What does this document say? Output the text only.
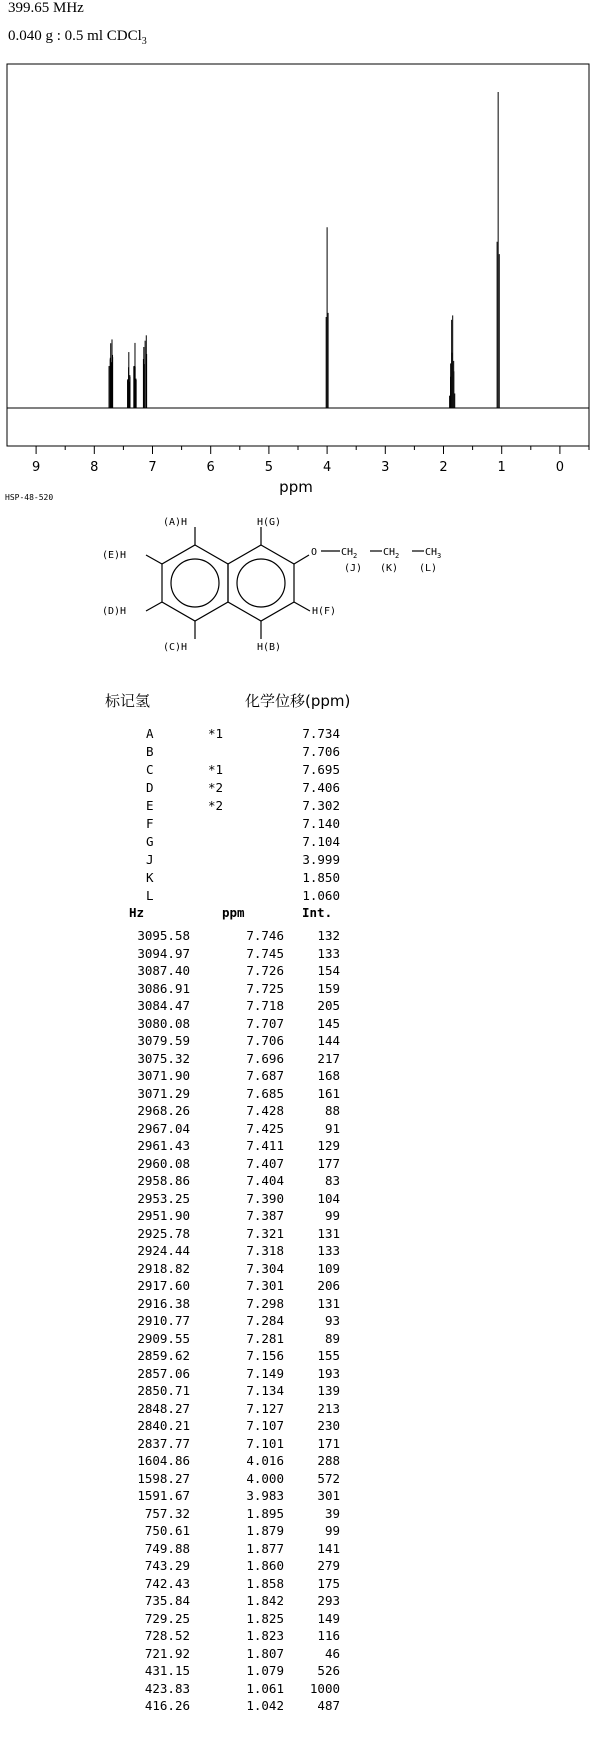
399.65 MHz
0.040 g : 0.5 ml CDCl$_3$
9	8	7	6	5	4	3	2	1	0
ppm
HSP-48-520
(A)H	H(G)
(E)H
(D)H	H(F)
(C)H	H(B)
O $CH_2$	$CH_2$	$CH_3$
(J) (K) (L)
标记氢	化学位移(ppm)
A	*1	7.734
B	7.706
C	*1	7.695
D	*2	7.406
E	*2	7.302
F	7.140
G	7.104
J	3.999
K	1.850
L	1.060
Hz	ppm	Int.
3095.58	7.746	132
3094.97	7.745	133
3087.40	7.726	154
3086.91	7.725	159
3084.47	7.718	205
3080.08	7.707	145
3079.59	7.706	144
3075.32	7.696	217
3071.90	7.687	168
3071.29	7.685	161
2968.26	7.428	88
2967.04	7.425	91
2961.43	7.411	129
2960.08	7.407	177
2958.86	7.404	83
2953.25	7.390	104
2951.90	7.387	99
2925.78	7.321	131
2924.44	7.318	133
2918.82	7.304	109
2917.60	7.301	206
2916.38	7.298	131
2910.77	7.284	93
2909.55	7.281	89
2859.62	7.156	155
2857.06	7.149	193
2850.71	7.134	139
2848.27	7.127	213
2840.21	7.107	230
2837.77	7.101	171
1604.86	4.016	288
1598.27	4.000	572
1591.67	3.983	301
757.32	1.895	39
750.61	1.879	99
749.88	1.877	141
743.29	1.860	279
742.43	1.858	175
735.84	1.842	293
729.25	1.825	149
728.52	1.823	116
721.92	1.807	46
431.15	1.079	526
423.83	1.061	1000
416.26	1.042	487
